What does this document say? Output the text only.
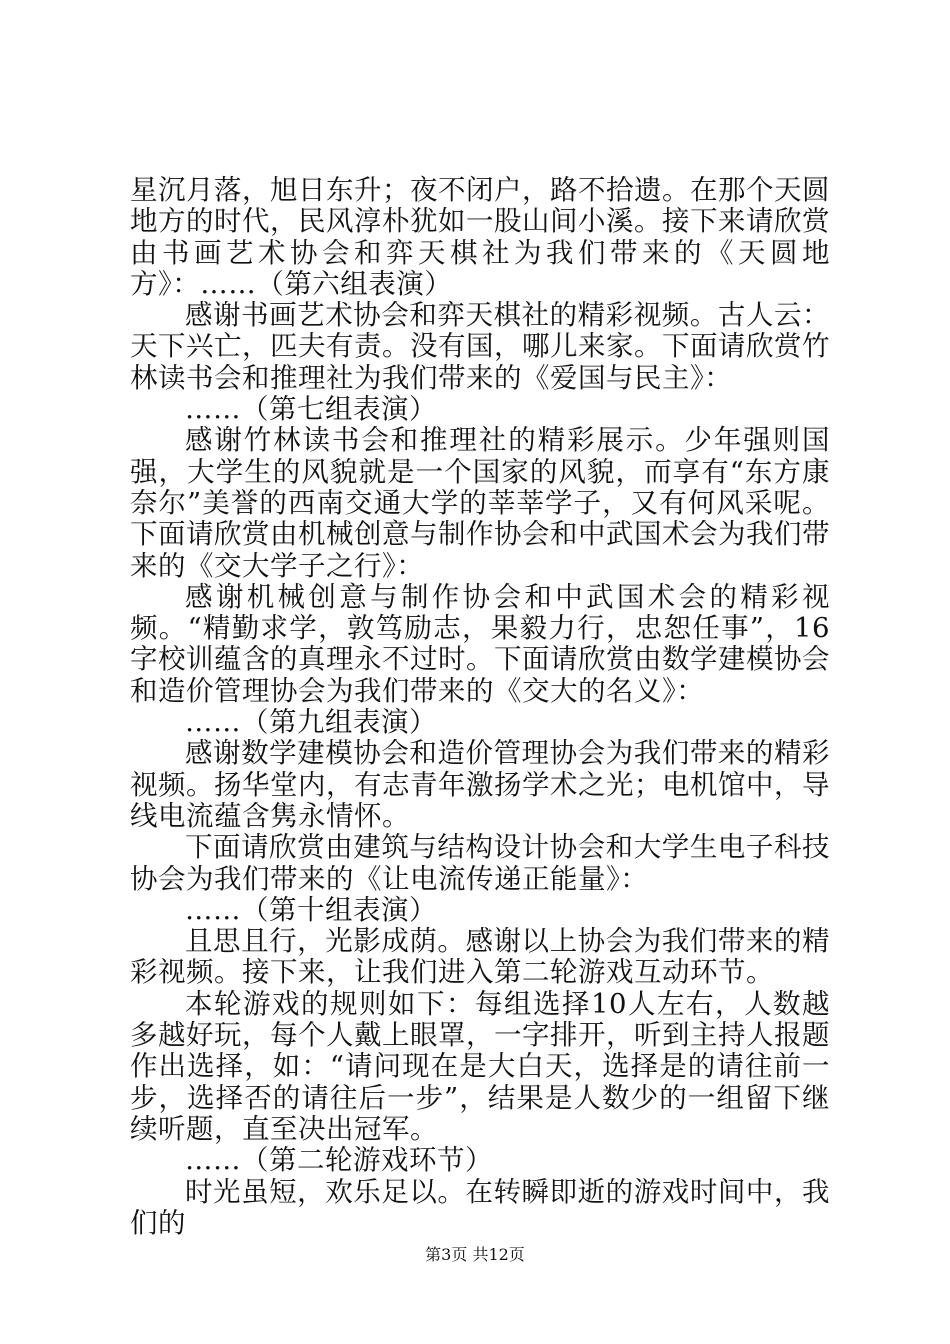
星沉月落，旭日东升；夜不闭户，路不拾遗。在那个天圆地方的时代，民风淳朴犹如一股山间小溪。接下来请欣赏由书画艺术协会和弈天棋社为我们带来的《天圆地方》：……（第六组表演）

感谢书画艺术协会和弈天棋社的精彩视频。古人云：天下兴亡，匹夫有责。没有国，哪儿来家。下面请欣赏竹林读书会和推理社为我们带来的《爱国与民主》：

……（第七组表演）

感谢竹林读书会和推理社的精彩展示。少年强则国强，大学生的风貌就是一个国家的风貌，而享有“东方康奈尔”美誉的西南交通大学的莘莘学子，又有何风采呢。下面请欣赏由机械创意与制作协会和中武国术会为我们带来的《交大学子之行》：

感谢机械创意与制作协会和中武国术会的精彩视频。“精勤求学，敦笃励志，果毅力行，忠恕任事”，16字校训蕴含的真理永不过时。下面请欣赏由数学建模协会和造价管理协会为我们带来的《交大的名义》：

……（第九组表演）

感谢数学建模协会和造价管理协会为我们带来的精彩视频。扬华堂内，有志青年激扬学术之光；电机馆中，导线电流蕴含隽永情怀。

下面请欣赏由建筑与结构设计协会和大学生电子科技协会为我们带来的《让电流传递正能量》：

……（第十组表演）

且思且行，光影成荫。感谢以上协会为我们带来的精彩视频。接下来，让我们进入第二轮游戏互动环节。

本轮游戏的规则如下：每组选择10人左右，人数越多越好玩，每个人戴上眼罩，一字排开，听到主持人报题作出选择，如：“请问现在是大白天，选择是的请往前一步，选择否的请往后一步”，结果是人数少的一组留下继续听题，直至决出冠军。

……（第二轮游戏环节）

时光虽短，欢乐足以。在转瞬即逝的游戏时间中，我们的

第3页 共12页
